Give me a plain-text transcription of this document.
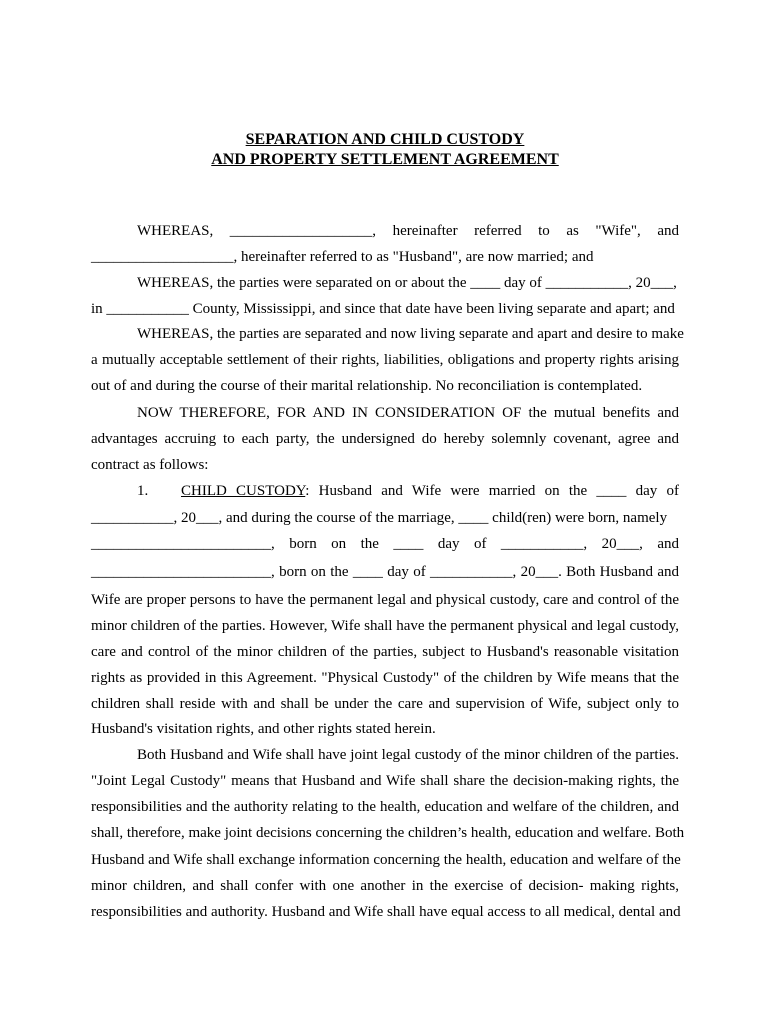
SEPARATION AND CHILD CUSTODY
AND PROPERTY SETTLEMENT AGREEMENT

WHEREAS, ___________________, hereinafter referred to as "Wife", and

___________________, hereinafter referred to as "Husband", are now married; and

WHEREAS, the parties were separated on or about the ____ day of ___________, 20___,

in ___________ County, Mississippi, and since that date have been living separate and apart; and

WHEREAS, the parties are separated and now living separate and apart and desire to make

a mutually acceptable settlement of their rights, liabilities, obligations and property rights arising

out of and during the course of their marital relationship. No reconciliation is contemplated.

NOW THEREFORE, FOR AND IN CONSIDERATION OF the mutual benefits and

advantages accruing to each party, the undersigned do hereby solemnly covenant, agree and

contract as follows:

1. CHILD CUSTODY: Husband and Wife were married on the ____ day of

___________, 20___, and during the course of the marriage, ____ child(ren) were born, namely

________________________, born on the ____ day of ___________, 20___, and

________________________, born on the ____ day of ___________, 20___. Both Husband and

Wife are proper persons to have the permanent legal and physical custody, care and control of the

minor children of the parties. However, Wife shall have the permanent physical and legal custody,

care and control of the minor children of the parties, subject to Husband's reasonable visitation

rights as provided in this Agreement. "Physical Custody" of the children by Wife means that the

children shall reside with and shall be under the care and supervision of Wife, subject only to

Husband's visitation rights, and other rights stated herein.

Both Husband and Wife shall have joint legal custody of the minor children of the parties.

"Joint Legal Custody" means that Husband and Wife shall share the decision-making rights, the

responsibilities and the authority relating to the health, education and welfare of the children, and

shall, therefore, make joint decisions concerning the children’s health, education and welfare. Both

Husband and Wife shall exchange information concerning the health, education and welfare of the

minor children, and shall confer with one another in the exercise of decision- making rights,

responsibilities and authority. Husband and Wife shall have equal access to all medical, dental and
